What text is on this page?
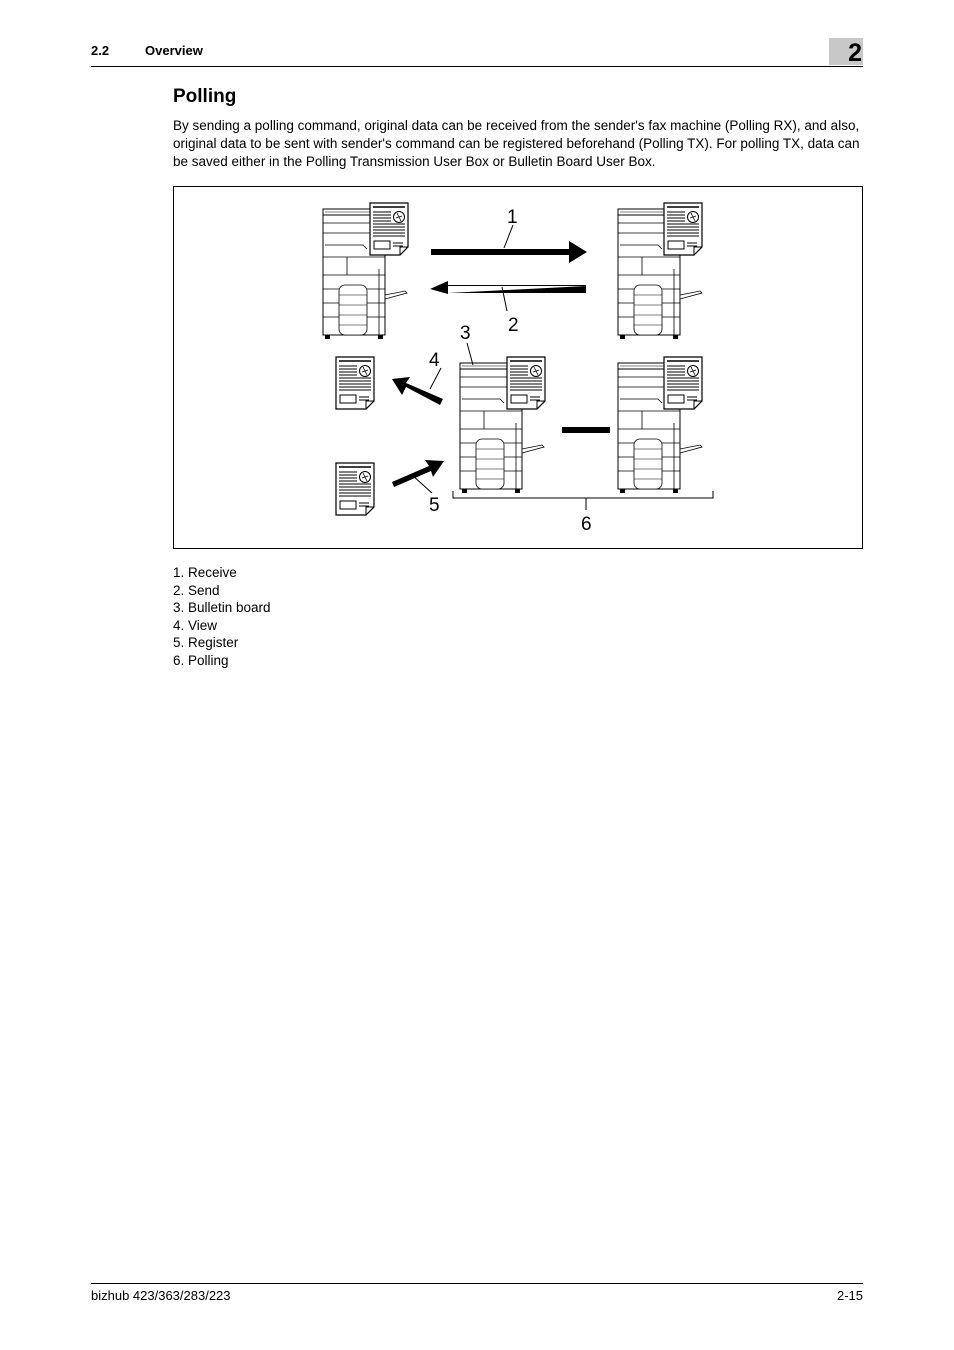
2.2	Overview	2
Polling

By sending a polling command, original data can be received from the sender's fax machine (Polling RX), and also, original data to be sent with sender's command can be registered beforehand (Polling TX). For polling TX, data can be saved either in the Polling Transmission User Box or Bulletin Board User Box.

1
2
3
4
5
6
1. Receive
2. Send
3. Bulletin board
4. View
5. Register
6. Polling
bizhub 423/363/283/223	2-15
